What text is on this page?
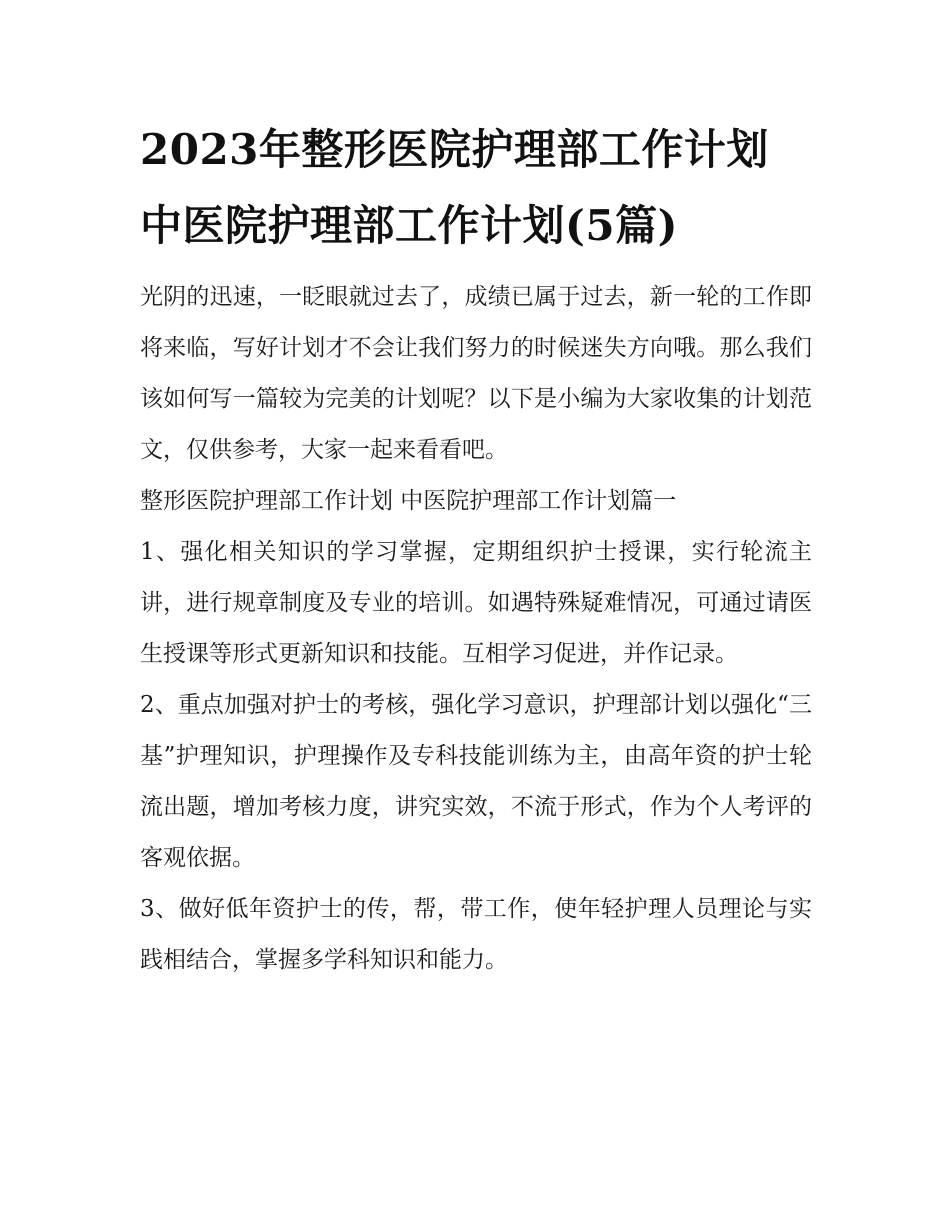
2023年整形医院护理部工作计划 中医院护理部工作计划(5篇)

光阴的迅速，一眨眼就过去了，成绩已属于过去，新一轮的工作即将来临，写好计划才不会让我们努力的时候迷失方向哦。那么我们该如何写一篇较为完美的计划呢？以下是小编为大家收集的计划范文，仅供参考，大家一起来看看吧。

整形医院护理部工作计划 中医院护理部工作计划篇一

1、强化相关知识的学习掌握，定期组织护士授课，实行轮流主讲，进行规章制度及专业的培训。如遇特殊疑难情况，可通过请医生授课等形式更新知识和技能。互相学习促进，并作记录。

2、重点加强对护士的考核，强化学习意识，护理部计划以强化“三基”护理知识，护理操作及专科技能训练为主，由高年资的护士轮流出题，增加考核力度，讲究实效，不流于形式，作为个人考评的客观依据。

3、做好低年资护士的传，帮，带工作，使年轻护理人员理论与实践相结合，掌握多学科知识和能力。
